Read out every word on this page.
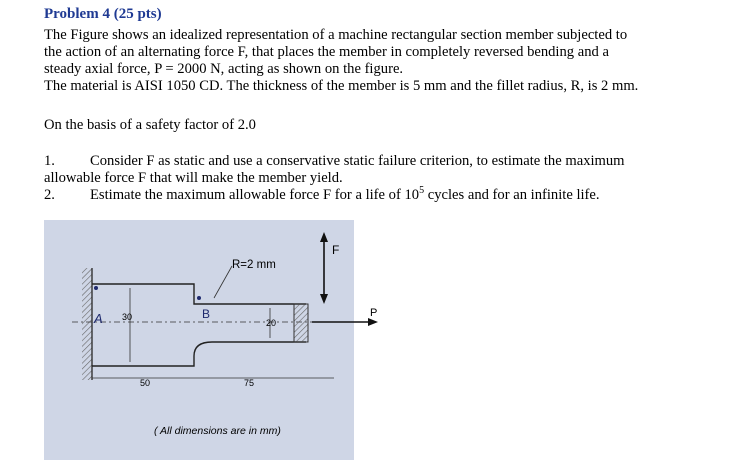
Problem 4 (25 pts)
The Figure shows an idealized representation of a machine rectangular section member subjected to
the action of an alternating force F, that places the member in completely reversed bending and a
steady axial force, P = 2000 N, acting as shown on the figure.
The material is AISI 1050 CD. The thickness of the member is 5 mm and the fillet radius, R, is 2 mm.
On the basis of a safety factor of 2.0
1. Consider F as static and use a conservative static failure criterion, to estimate the maximum
allowable force F that will make the member yield.
2. Estimate the maximum allowable force F for a life of $10^5$ cycles and for an infinite life.
30
A	B
R=2 mm
20
50	75
( All dimensions are in mm)
F
P
